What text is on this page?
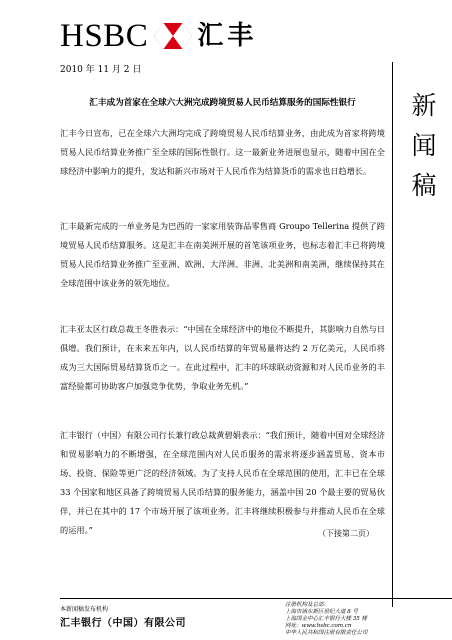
HSBC 汇丰
2010 年 11 月 2 日
新
闻
稿
汇丰成为首家在全球六大洲完成跨境贸易人民币结算服务的国际性银行
汇丰今日宣布，已在全球六大洲均完成了跨境贸易人民币结算业务，由此成为首家将跨境贸易人民币结算业务推广至全球的国际性银行。这一最新业务进展也显示，随着中国在全球经济中影响力的提升，发达和新兴市场对于人民币作为结算货币的需求也日趋增长。
汇丰最新完成的一单业务是为巴西的一家家用装饰品零售商 Groupo Tellerina 提供了跨境贸易人民币结算服务。这是汇丰在南美洲开展的首笔该项业务，也标志着汇丰已将跨境贸易人民币结算业务推广至亚洲、欧洲、大洋洲、非洲、北美洲和南美洲，继续保持其在全球范围中该业务的领先地位。
汇丰亚太区行政总裁王冬胜表示：“中国在全球经济中的地位不断提升，其影响力自然与日俱增。我们预计，在未来五年内，以人民币结算的年贸易量将达约 2 万亿美元，人民币将成为三大国际贸易结算货币之一。在此过程中，汇丰的环球联动资源和对人民币业务的丰富经验都可协助客户加强竞争优势，争取业务先机。”
汇丰银行（中国）有限公司行长兼行政总裁黄碧娟表示：“我们预计，随着中国对全球经济和贸易影响力的不断增强，在全球范围内对人民币服务的需求将逐步涵盖贸易、资本市场、投资、保险等更广泛的经济领域。为了支持人民币在全球范围的使用，汇丰已在全球 33 个国家和地区具备了跨境贸易人民币结算的服务能力，涵盖中国 20 个最主要的贸易伙伴，并已在其中的 17 个市场开展了该项业务。汇丰将继续积极参与并推动人民币在全球的运用。”	（下接第二页）
本新闻稿发布机构
汇丰银行（中国）有限公司
注册机构及总部：
上海市浦东新区世纪大道 8 号
上海国金中心汇丰银行大楼 35 楼
网址：www.hsbc.com.cn
中华人民共和国注册有限责任公司
